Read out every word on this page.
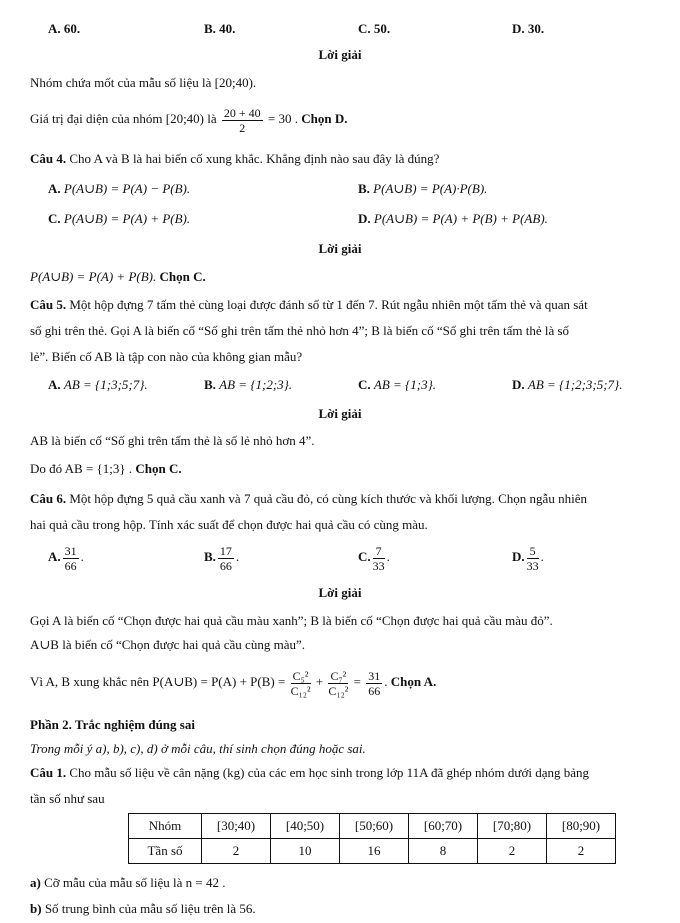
A. 60.	B. 40.	C. 50.	D. 30.
Lời giải
Nhóm chứa mốt của mẫu số liệu là [20;40).
Giá trị đại diện của nhóm [20;40) là $\frac{20 + 40}{2} = 30$ . Chọn D.
Câu 4. Cho A và B là hai biến cố xung khắc. Khẳng định nào sau đây là đúng?
A. P(A∪B) = P(A) − P(B).	B. P(A∪B) = P(A)·P(B).
C. P(A∪B) = P(A) + P(B).	D. P(A∪B) = P(A) + P(B) + P(AB).
Lời giải
P(A∪B) = P(A) + P(B). Chọn C.
Câu 5. Một hộp đựng 7 tấm thẻ cùng loại được đánh số từ 1 đến 7. Rút ngẫu nhiên một tấm thẻ và quan sát
số ghi trên thẻ. Gọi A là biến cố “Số ghi trên tấm thẻ nhỏ hơn 4”; B là biến cố “Số ghi trên tấm thẻ là số
lẻ”. Biến cố AB là tập con nào của không gian mẫu?
A. AB = {1;3;5;7}.	B. AB = {1;2;3}.	C. AB = {1;3}.	D. AB = {1;2;3;5;7}.
Lời giải
AB là biến cố “Số ghi trên tấm thẻ là số lẻ nhỏ hơn 4”.
Do đó AB = {1;3} . Chọn C.
Câu 6. Một hộp đựng 5 quả cầu xanh và 7 quả cầu đỏ, có cùng kích thước và khối lượng. Chọn ngẫu nhiên
hai quả cầu trong hộp. Tính xác suất để chọn được hai quả cầu có cùng màu.
A. $\frac{31}{66}$ .	B. $\frac{17}{66}$ .	C. $\frac{7}{33}$ .	D. $\frac{5}{33}$ .
Lời giải
Gọi A là biến cố “Chọn được hai quả cầu màu xanh”; B là biến cố “Chọn được hai quả cầu màu đỏ”.
A∪B là biến cố “Chọn được hai quả cầu cùng màu”.
Vì A, B xung khắc nên P(A∪B) = $P(A) + P(B) = \frac{\text{C₅²}}{\text{C₁₂²}} + \frac{\text{C₇²}}{\text{C₁₂²}} = \frac{31}{66}$ . Chọn A.
Phần 2. Trắc nghiệm đúng sai
Trong mỗi ý a), b), c), d) ở mỗi câu, thí sinh chọn đúng hoặc sai.
Câu 1. Cho mẫu số liệu về cân nặng (kg) của các em học sinh trong lớp 11A đã ghép nhóm dưới dạng bảng
tần số như sau
Nhóm	[30;40)	[40;50)	[50;60)	[60;70)	[70;80)	[80;90)
Tần số	2	10	16	8	2	2
a) Cỡ mẫu của mẫu số liệu là n = 42 .
b) Số trung bình của mẫu số liệu trên là 56.
